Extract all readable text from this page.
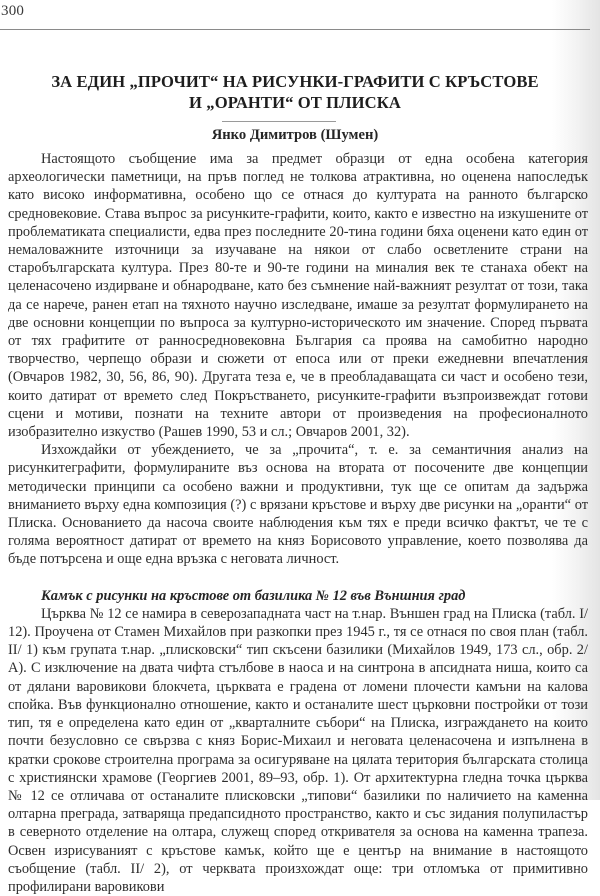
300
ЗА ЕДИН „ПРОЧИТ“ НА РИСУНКИ-ГРАФИТИ С КРЪСТОВЕ
И „ОРАНТИ“ ОТ ПЛИСКА
Янко Димитров (Шумен)

Настоящото съобщение има за предмет образци от една особена категория археологически паметници, на пръв поглед не толкова атрактивна, но оценена напоследък като високо информативна, особено що се отнася до културата на ранното българско средновековие. Става въпрос за рисунките-графити, които, както е известно на изкушените от проблематиката специалисти, едва през последните 20-тина години бяха оценени като един от немаловажните източници за изучаване на някои от слабо осветлените страни на старобългарската култура. През 80-те и 90-те години на миналия век те станаха обект на целенасочено издирване и обнародване, като без съмнение най-важният резултат от този, така да се нарече, ранен етап на тяхното научно изследване, имаше за резултат формулирането на две основни концепции по въпроса за културно-историческото им значение. Според първата от тях графитите от ранносредновековна България са проява на самобитно народно творчество, черпещо образи и сюжети от епоса или от преки ежедневни впечатления (Овчаров 1982, 30, 56, 86, 90). Другата теза е, че в преобладаващата си част и особено тези, които датират от времето след Покръстването, рисунките-графити възпроизвеждат готови сцени и мотиви, познати на техните автори от произведения на професионалното изобразително изкуство (Рашев 1990, 53 и сл.; Овчаров 2001, 32).

Изхождайки от убеждението, че за „прочита“, т. е. за семантичния анализ на рисункитеграфити, формулираните въз основа на втората от посочените две концепции методически принципи са особено важни и продуктивни, тук ще се опитам да задържа вниманието върху една композиция (?) с врязани кръстове и върху две рисунки на „оранти“ от Плиска. Основанието да насоча своите наблюдения към тях е преди всичко фактът, че те с голяма вероятност датират от времето на княз Борисовото управление, което позволява да бъде потърсена и още една връзка с неговата личност.

Камък с рисунки на кръстове от базилика № 12 във Външния град

Църква № 12 се намира в северозападната част на т.нар. Външен град на Плиска (табл. I/ 12). Проучена от Стамен Михайлов при разкопки през 1945 г., тя се отнася по своя план (табл. II/ 1) към групата т.нар. „плисковски“ тип скъсени базилики (Михайлов 1949, 173 сл., обр. 2/ А). С изключение на двата чифта стълбове в наоса и на синтрона в апсидната ниша, които са от дялани варовикови блокчета, църквата е градена от ломени плочести камъни на калова спойка. Във функционално отношение, както и останалите шест църковни постройки от този тип, тя е определена като един от „кварталните събори“ на Плиска, изграждането на които почти безусловно се свързва с княз Борис-Михаил и неговата целенасочена и изпълнена в кратки срокове строителна програма за осигуряване на цялата територия българската столица с християнски храмове (Георгиев 2001, 89–93, обр. 1). От архитектурна гледна точка църква № 12 се отличава от останалите плисковски „типови“ базилики по наличието на каменна олтарна преграда, затваряща предапсидното пространство, както и със зидания полупиластър в северното отделение на олтара, служещ според откривателя за основа на каменна трапеза. Освен изрисуваният с кръстове камък, който ще е център на внимание в настоящото съобщение (табл. II/ 2), от черквата произхождат още: три отломъка от примитивно профилирани варовикови
